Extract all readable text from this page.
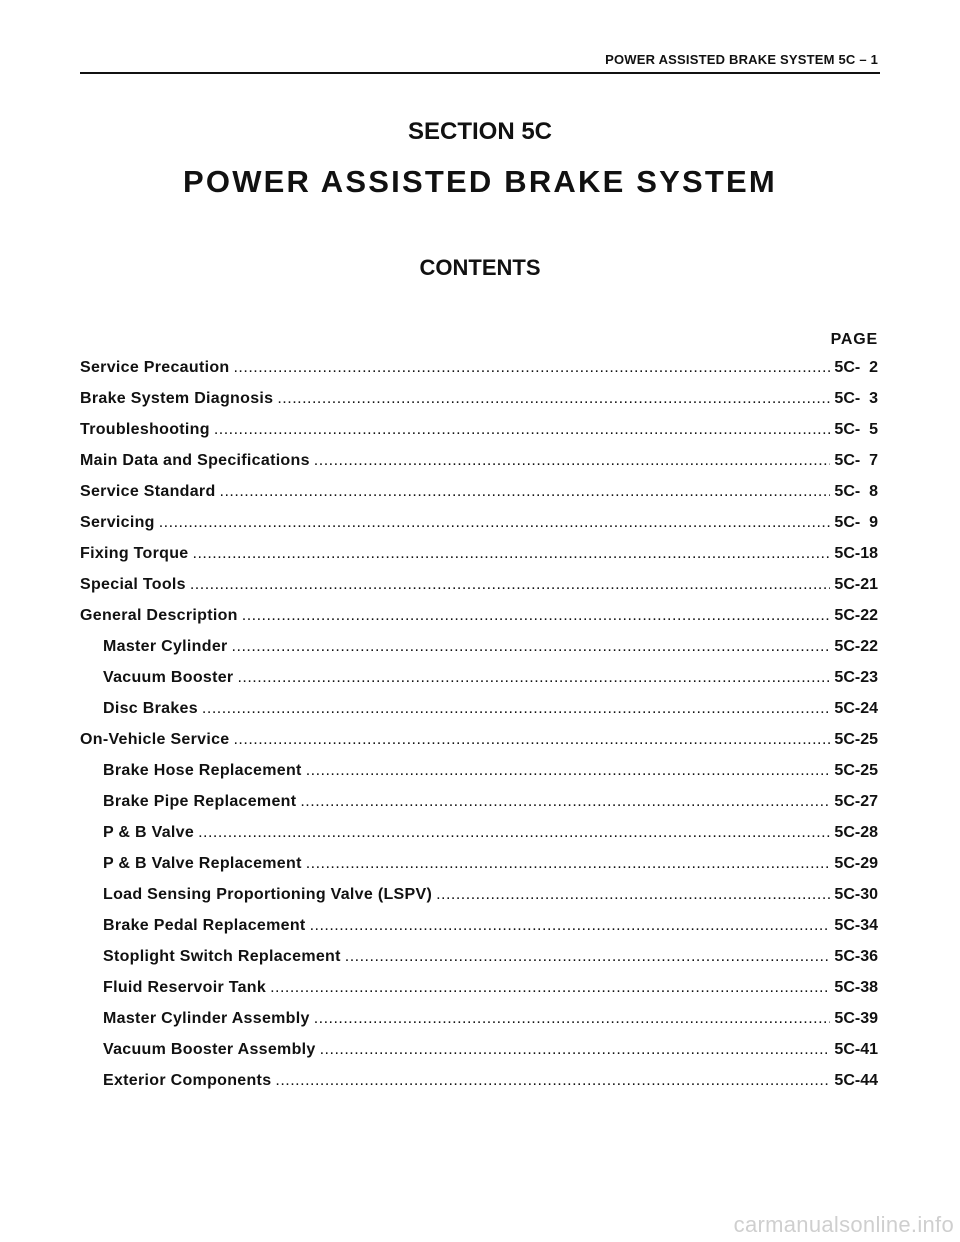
POWER ASSISTED BRAKE SYSTEM 5C – 1
SECTION 5C
POWER ASSISTED BRAKE SYSTEM
CONTENTS
PAGE
Service Precaution .....	5C-  2
Brake System Diagnosis .....	5C-  3
Troubleshooting .....	5C-  5
Main Data and Specifications .....	5C-  7
Service Standard .....	5C-  8
Servicing .....	5C-  9
Fixing Torque .....	5C-18
Special Tools .....	5C-21
General Description .....	5C-22
Master Cylinder .....	5C-22
Vacuum Booster .....	5C-23
Disc Brakes .....	5C-24
On-Vehicle Service .....	5C-25
Brake Hose Replacement .....	5C-25
Brake Pipe Replacement .....	5C-27
P & B Valve .....	5C-28
P & B Valve Replacement .....	5C-29
Load Sensing Proportioning Valve (LSPV) .....	5C-30
Brake Pedal Replacement .....	5C-34
Stoplight Switch Replacement .....	5C-36
Fluid Reservoir Tank .....	5C-38
Master Cylinder Assembly .....	5C-39
Vacuum Booster Assembly .....	5C-41
Exterior Components .....	5C-44
carmanualsonline.info
